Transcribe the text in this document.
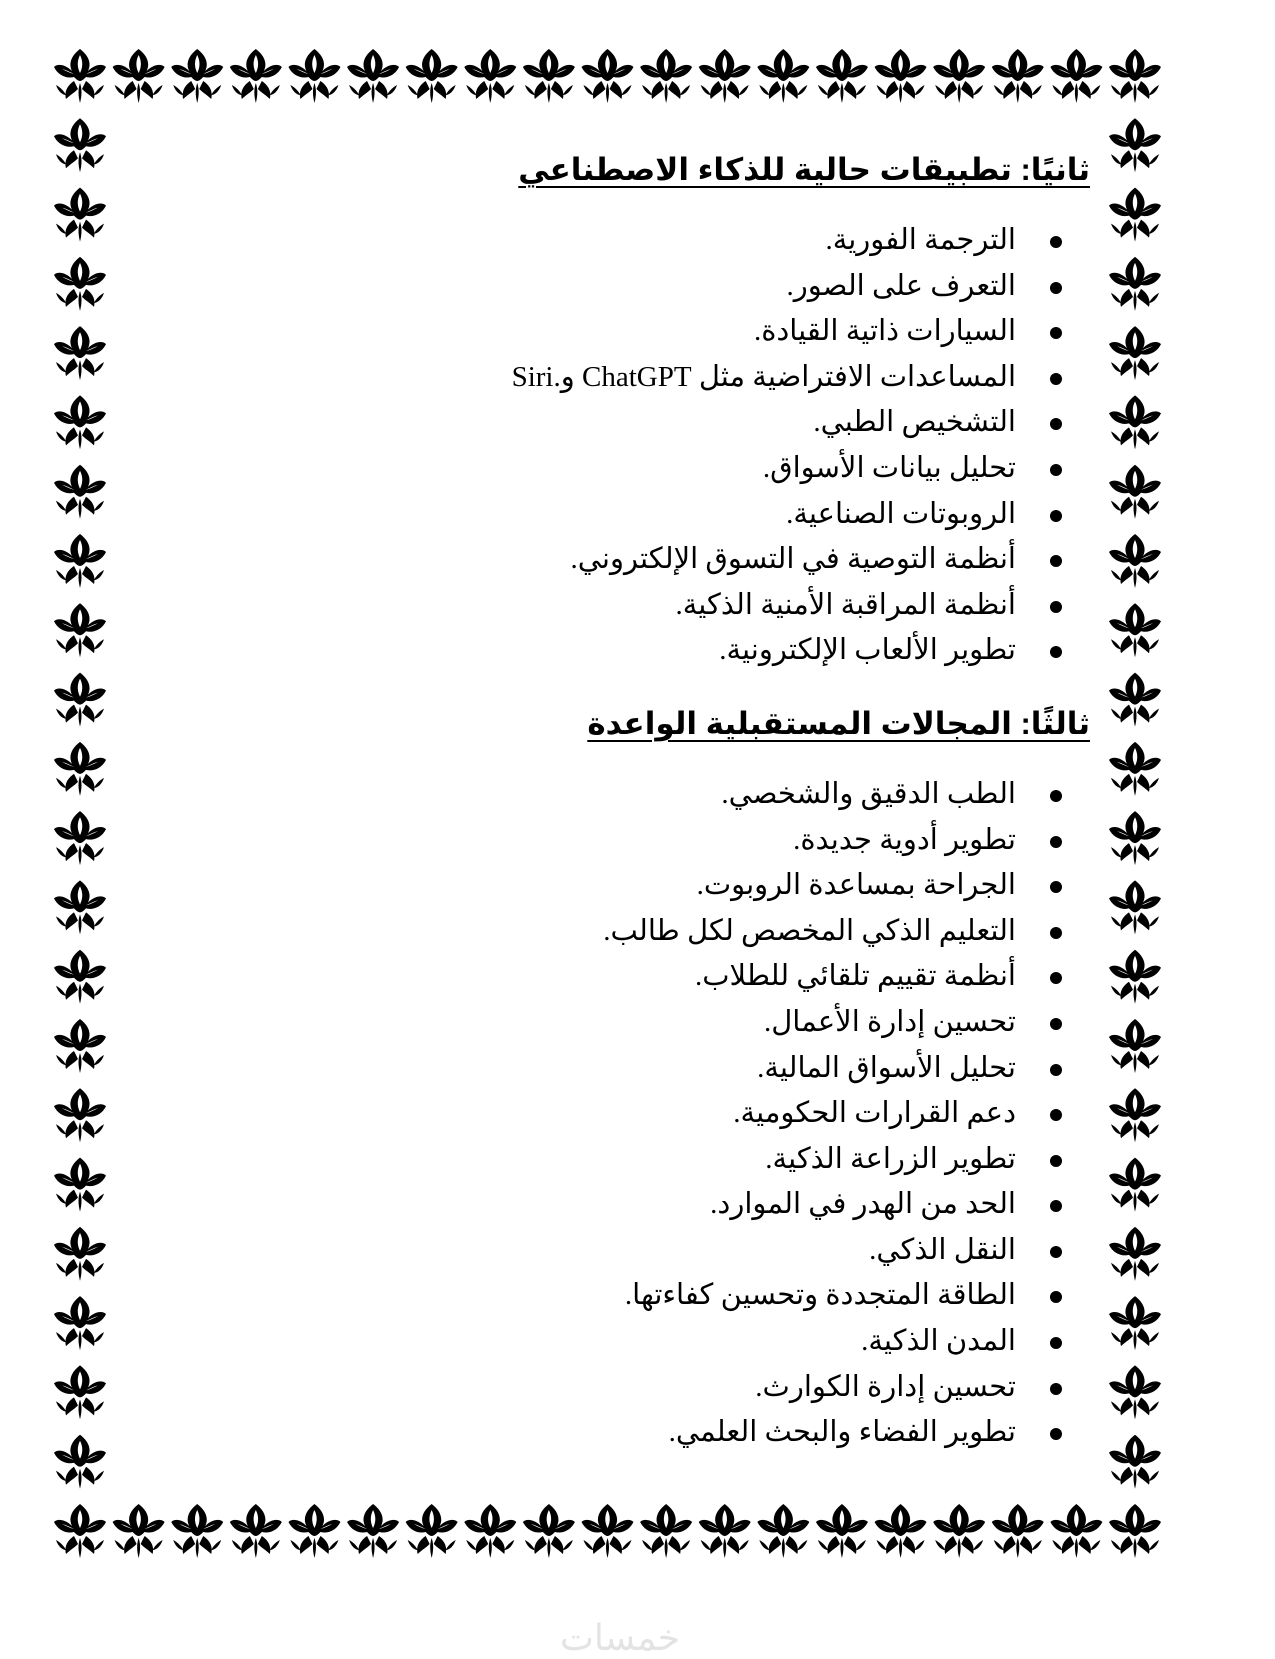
ثانيًا: تطبيقات حالية للذكاء الاصطناعي
الترجمة الفورية.
التعرف على الصور.
السيارات ذاتية القيادة.
المساعدات الافتراضية مثل ChatGPT و.Siri
التشخيص الطبي.
تحليل بيانات الأسواق.
الروبوتات الصناعية.
أنظمة التوصية في التسوق الإلكتروني.
أنظمة المراقبة الأمنية الذكية.
تطوير الألعاب الإلكترونية.
ثالثًا: المجالات المستقبلية الواعدة
الطب الدقيق والشخصي.
تطوير أدوية جديدة.
الجراحة بمساعدة الروبوت.
التعليم الذكي المخصص لكل طالب.
أنظمة تقييم تلقائي للطلاب.
تحسين إدارة الأعمال.
تحليل الأسواق المالية.
دعم القرارات الحكومية.
تطوير الزراعة الذكية.
الحد من الهدر في الموارد.
النقل الذكي.
الطاقة المتجددة وتحسين كفاءتها.
المدن الذكية.
تحسين إدارة الكوارث.
تطوير الفضاء والبحث العلمي.
خمسات
